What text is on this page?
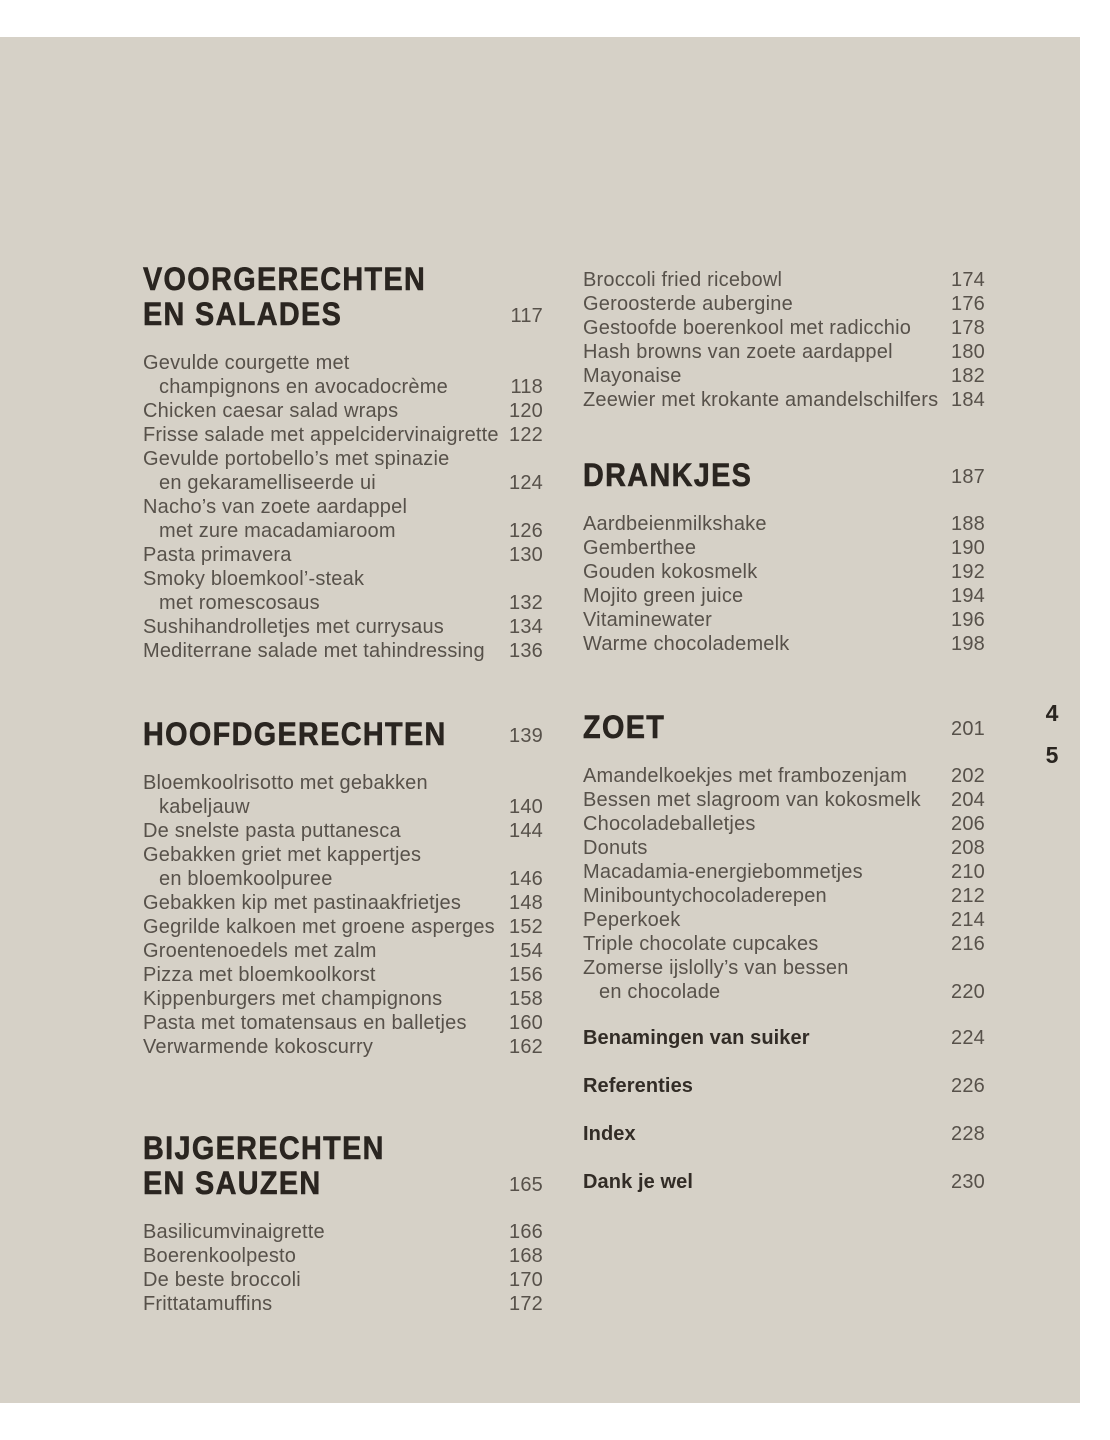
VOORGERECHTEN
EN SALADES	117
Gevulde courgette met
champignons en avocadocrème	118
Chicken caesar salad wraps	120
Frisse salade met appelcidervinaigrette 122
Gevulde portobello’s met spinazie
en gekaramelliseerde ui	124
Nacho’s van zoete aardappel
met zure macadamiaroom	126
Pasta primavera	130
Smoky bloemkool’-steak
met romescosaus	132
Sushihandrolletjes met currysaus	134
Mediterrane salade met tahindressing	136
HOOFDGERECHTEN	139
Bloemkoolrisotto met gebakken
kabeljauw	140
De snelste pasta puttanesca	144
Gebakken griet met kappertjes
en bloemkoolpuree	146
Gebakken kip met pastinaakfrietjes	148
Gegrilde kalkoen met groene asperges 152
Groentenoedels met zalm	154
Pizza met bloemkoolkorst	156
Kippenburgers met champignons	158
Pasta met tomatensaus en balletjes	160
Verwarmende kokoscurry	162
BIJGERECHTEN
EN SAUZEN	165
Basilicumvinaigrette	166
Boerenkoolpesto	168
De beste broccoli	170
Frittatamuffins	172
Broccoli fried ricebowl	174
Geroosterde aubergine	176
Gestoofde boerenkool met radicchio	178
Hash browns van zoete aardappel	180
Mayonaise	182
Zeewier met krokante amandelschilfers 184
DRANKJES	187
Aardbeienmilkshake	188
Gemberthee	190
Gouden kokosmelk	192
Mojito green juice	194
Vitaminewater	196
Warme chocolademelk	198
ZOET	201
Amandelkoekjes met frambozenjam	202
Bessen met slagroom van kokosmelk	204
Chocoladeballetjes	206
Donuts	208
Macadamia-energiebommetjes	210
Minibountychocoladerepen	212
Peperkoek	214
Triple chocolate cupcakes	216
Zomerse ijslolly’s van bessen
en chocolade	220
Benamingen van suiker	224
Referenties	226
Index	228
Dank je wel	230
4
5
